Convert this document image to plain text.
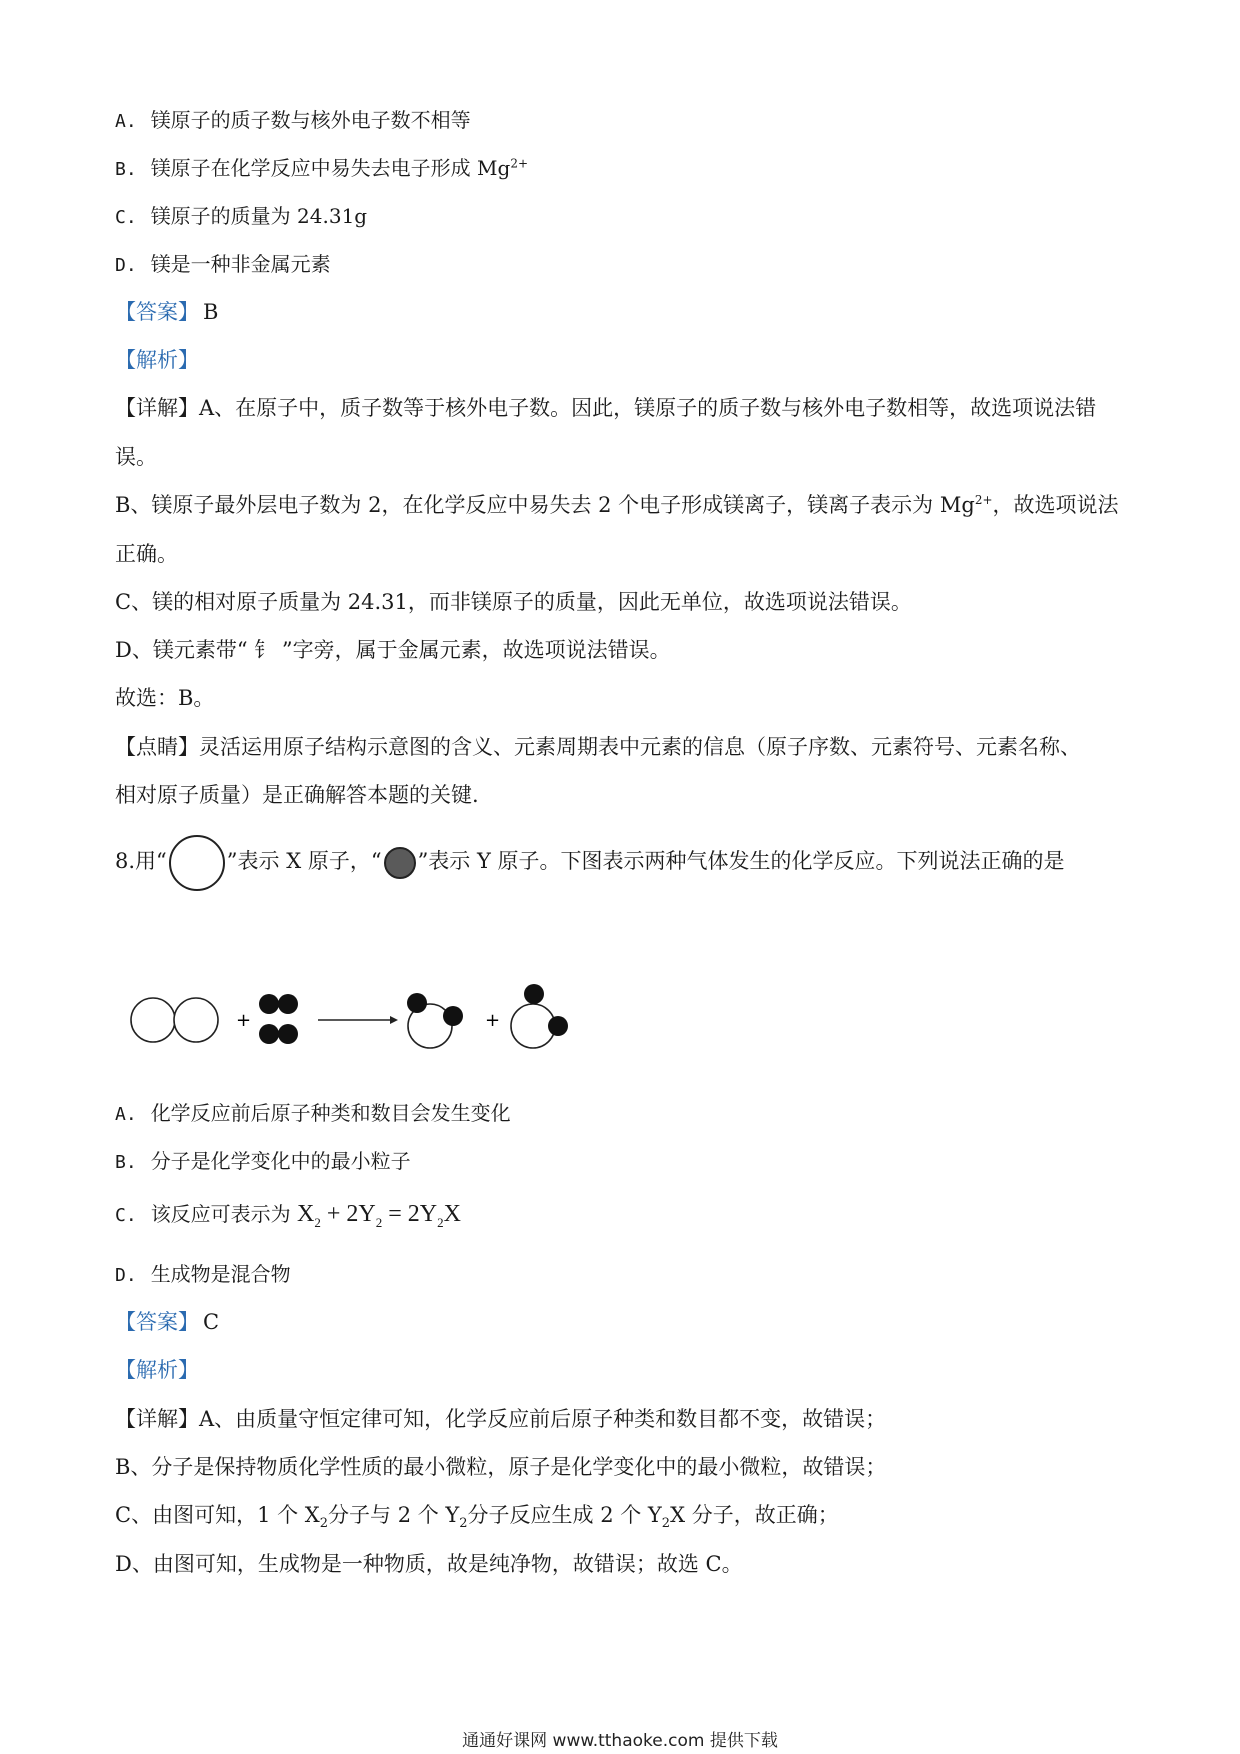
A. 镁原子的质子数与核外电子数不相等
B. 镁原子在化学反应中易失去电子形成 $Mg^{2+}$
C. 镁原子的质量为 24.31g
D. 镁是一种非金属元素
【答案】 B
【解析】
【详解】A、在原子中，质子数等于核外电子数。因此，镁原子的质子数与核外电子数相等，故选项说法错
误。
B、镁原子最外层电子数为 2，在化学反应中易失去 2 个电子形成镁离子，镁离子表示为 $Mg^{2+}$，故选项说法
正确。
C、镁的相对原子质量为 24.31，而非镁原子的质量，因此无单位，故选项说法错误。
D、镁元素带“ 钅 ”字旁，属于金属元素，故选项说法错误。
故选：B。
【点睛】灵活运用原子结构示意图的含义、元素周期表中元素的信息（原子序数、元素符号、元素名称、
相对原子质量）是正确解答本题的关键.
8.用“	”表示 X 原子，“ ”表示 Y 原子。下图表示两种气体发生的化学反应。下列说法正确的是
+	+
A. 化学反应前后原子种类和数目会发生变化
B. 分子是化学变化中的最小粒子
C. 该反应可表示为 $X_2 + 2Y_2 = 2Y_2X$
D. 生成物是混合物
【答案】 C
【解析】
【详解】A、由质量守恒定律可知，化学反应前后原子种类和数目都不变，故错误；
B、分子是保持物质化学性质的最小微粒，原子是化学变化中的最小微粒，故错误；
C、由图可知，1 个 $X_2$分子与 2 个 $Y_2$分子反应生成 2 个 $Y_2X$ 分子，故正确；
D、由图可知，生成物是一种物质，故是纯净物，故错误；故选 C。
通通好课网 www.tthaoke.com 提供下载
